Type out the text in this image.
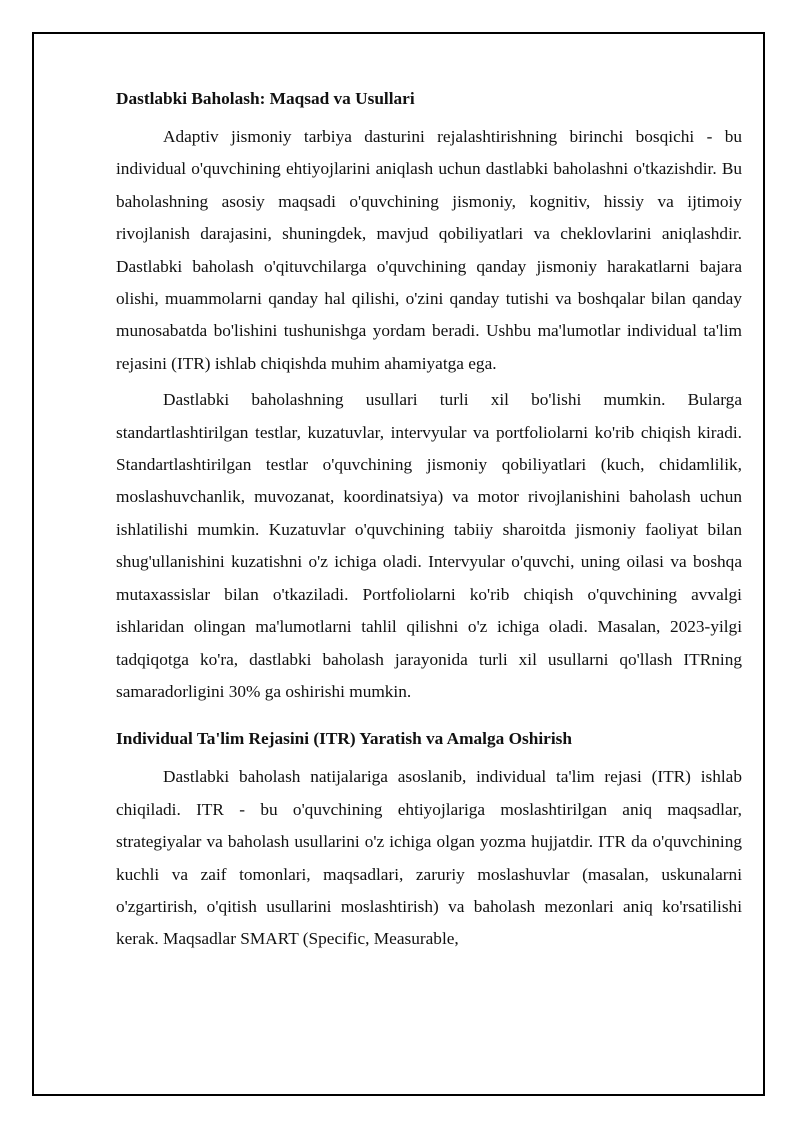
Dastlabki Baholash: Maqsad va Usullari

Adaptiv jismoniy tarbiya dasturini rejalashtirishning birinchi bosqichi - bu individual o'quvchining ehtiyojlarini aniqlash uchun dastlabki baholashni o'tkazishdir. Bu baholashning asosiy maqsadi o'quvchining jismoniy, kognitiv, hissiy va ijtimoiy rivojlanish darajasini, shuningdek, mavjud qobiliyatlari va cheklovlarini aniqlashdir. Dastlabki baholash o'qituvchilarga o'quvchining qanday jismoniy harakatlarni bajara olishi, muammolarni qanday hal qilishi, o'zini qanday tutishi va boshqalar bilan qanday munosabatda bo'lishini tushunishga yordam beradi. Ushbu ma'lumotlar individual ta'lim rejasini (ITR) ishlab chiqishda muhim ahamiyatga ega.

Dastlabki baholashning usullari turli xil bo'lishi mumkin. Bularga standartlashtirilgan testlar, kuzatuvlar, intervyular va portfoliolarni ko'rib chiqish kiradi. Standartlashtirilgan testlar o'quvchining jismoniy qobiliyatlari (kuch, chidamlilik, moslashuvchanlik, muvozanat, koordinatsiya) va motor rivojlanishini baholash uchun ishlatilishi mumkin. Kuzatuvlar o'quvchining tabiiy sharoitda jismoniy faoliyat bilan shug'ullanishini kuzatishni o'z ichiga oladi. Intervyular o'quvchi, uning oilasi va boshqa mutaxassislar bilan o'tkaziladi. Portfoliolarni ko'rib chiqish o'quvchining avvalgi ishlaridan olingan ma'lumotlarni tahlil qilishni o'z ichiga oladi. Masalan, 2023-yilgi tadqiqotga ko'ra, dastlabki baholash jarayonida turli xil usullarni qo'llash ITRning samaradorligini 30% ga oshirishi mumkin.

Individual Ta'lim Rejasini (ITR) Yaratish va Amalga Oshirish

Dastlabki baholash natijalariga asoslanib, individual ta'lim rejasi (ITR) ishlab chiqiladi. ITR - bu o'quvchining ehtiyojlariga moslashtirilgan aniq maqsadlar, strategiyalar va baholash usullarini o'z ichiga olgan yozma hujjatdir. ITR da o'quvchining kuchli va zaif tomonlari, maqsadlari, zaruriy moslashuvlar (masalan, uskunalarni o'zgartirish, o'qitish usullarini moslashtirish) va baholash mezonlari aniq ko'rsatilishi kerak. Maqsadlar SMART (Specific, Measurable,
